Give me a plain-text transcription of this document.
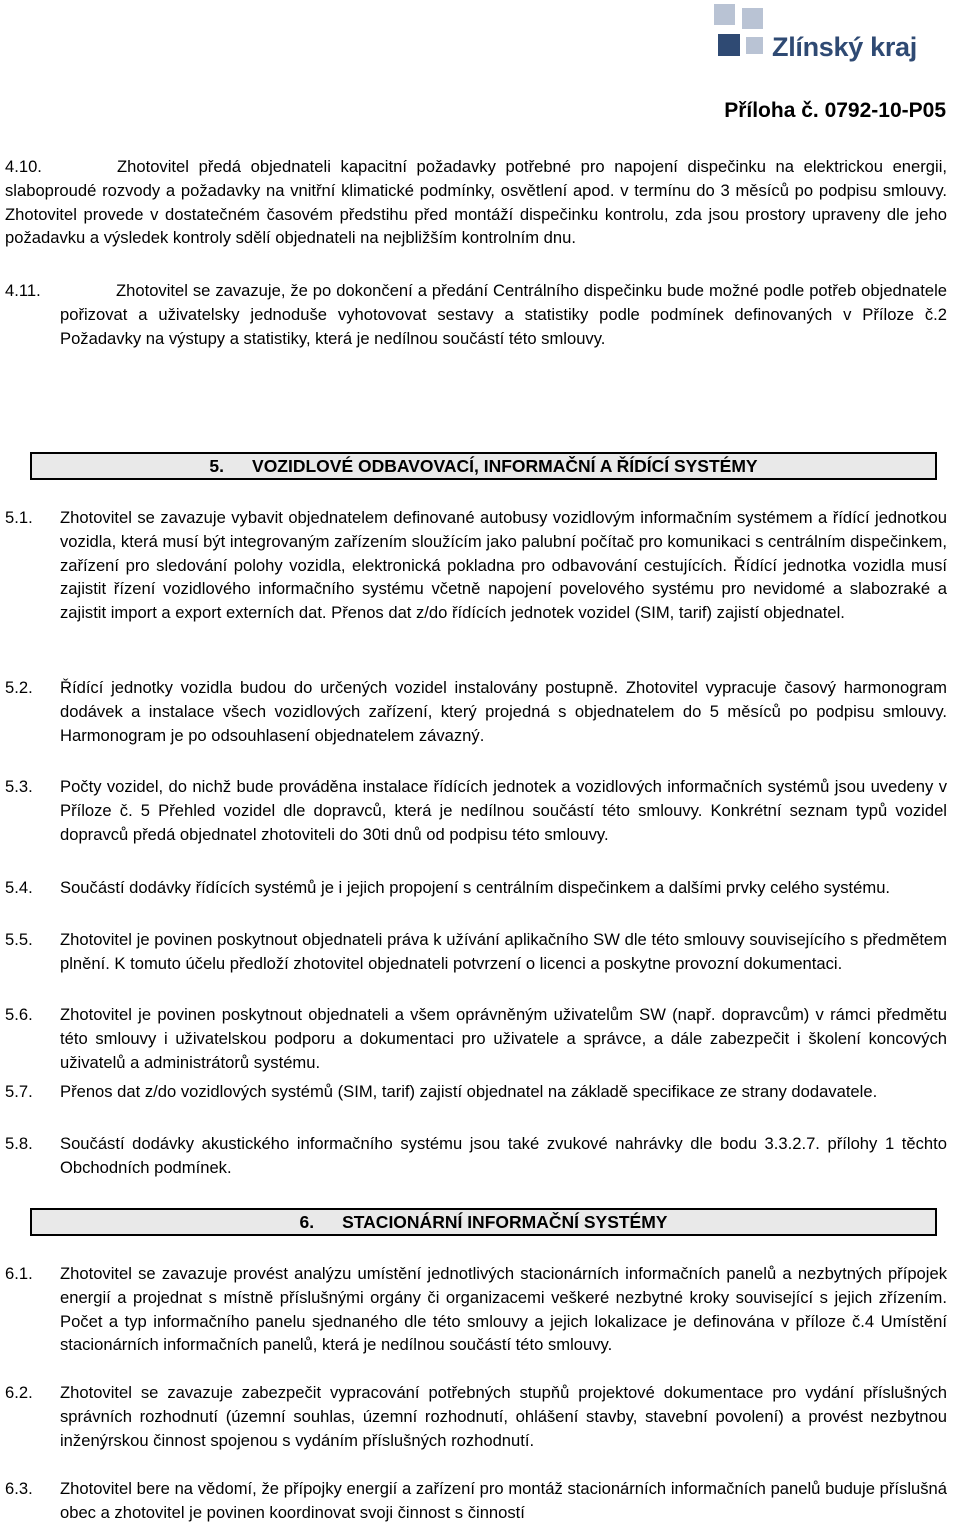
Zlínský kraj
Příloha č. 0792-10-P05
4.10.	Zhotovitel předá objednateli kapacitní požadavky potřebné pro napojení dispečinku na elektrickou energii, slaboproudé rozvody a požadavky na vnitřní klimatické podmínky, osvětlení apod. v termínu do 3 měsíců po podpisu smlouvy. Zhotovitel provede v dostatečném časovém předstihu před montáží dispečinku kontrolu, zda jsou prostory upraveny dle jeho požadavku a výsledek kontroly sdělí objednateli na nejbližším kontrolním dnu.
4.11.	Zhotovitel se zavazuje, že po dokončení a předání Centrálního dispečinku bude možné podle potřeb objednatele pořizovat a uživatelsky jednoduše vyhotovovat sestavy a statistiky podle podmínek definovaných v Příloze č.2 Požadavky na výstupy a statistiky, která je nedílnou součástí této smlouvy.
5. VOZIDLOVÉ ODBAVOVACÍ, INFORMAČNÍ A ŘÍDÍCÍ SYSTÉMY
5.1. Zhotovitel se zavazuje vybavit objednatelem definované autobusy vozidlovým informačním systémem a řídící jednotkou vozidla, která musí být integrovaným zařízením sloužícím jako palubní počítač pro komunikaci s centrálním dispečinkem, zařízení pro sledování polohy vozidla, elektronická pokladna pro odbavování cestujících. Řídící jednotka vozidla musí zajistit řízení vozidlového informačního systému včetně napojení povelového systému pro nevidomé a slabozraké a zajistit import a export externích dat. Přenos dat z/do řídících jednotek vozidel (SIM, tarif) zajistí objednatel.
5.2. Řídící jednotky vozidla budou do určených vozidel instalovány postupně. Zhotovitel vypracuje časový harmonogram dodávek a instalace všech vozidlových zařízení, který projedná s objednatelem do 5 měsíců po podpisu smlouvy. Harmonogram je po odsouhlasení objednatelem závazný.
5.3. Počty vozidel, do nichž bude prováděna instalace řídících jednotek a vozidlových informačních systémů jsou uvedeny v Příloze č. 5 Přehled vozidel dle dopravců, která je nedílnou součástí této smlouvy. Konkrétní seznam typů vozidel dopravců předá objednatel zhotoviteli do 30ti dnů od podpisu této smlouvy.
5.4. Součástí dodávky řídících systémů je i jejich propojení s centrálním dispečinkem a dalšími prvky celého systému.
5.5. Zhotovitel je povinen poskytnout objednateli práva k užívání aplikačního SW dle této smlouvy souvisejícího s předmětem plnění. K tomuto účelu předloží zhotovitel objednateli potvrzení o licenci a poskytne provozní dokumentaci.
5.6. Zhotovitel je povinen poskytnout objednateli a všem oprávněným uživatelům SW (např. dopravcům) v rámci předmětu této smlouvy i uživatelskou podporu a dokumentaci pro uživatele a správce, a dále zabezpečit i školení koncových uživatelů a administrátorů systému.
5.7. Přenos dat z/do vozidlových systémů (SIM, tarif) zajistí objednatel na základě specifikace ze strany dodavatele.
5.8. Součástí dodávky akustického informačního systému jsou také zvukové nahrávky dle bodu 3.3.2.7. přílohy 1 těchto Obchodních podmínek.
6. STACIONÁRNÍ INFORMAČNÍ SYSTÉMY
6.1. Zhotovitel se zavazuje provést analýzu umístění jednotlivých stacionárních informačních panelů a nezbytných přípojek energií a projednat s místně příslušnými orgány či organizacemi veškeré nezbytné kroky související s jejich zřízením. Počet a typ informačního panelu sjednaného dle této smlouvy a jejich lokalizace je definována v příloze č.4 Umístění stacionárních informačních panelů, která je nedílnou součástí této smlouvy.
6.2. Zhotovitel se zavazuje zabezpečit vypracování potřebných stupňů projektové dokumentace pro vydání příslušných správních rozhodnutí (územní souhlas, územní rozhodnutí, ohlášení stavby, stavební povolení) a provést nezbytnou inženýrskou činnost spojenou s vydáním příslušných rozhodnutí.
6.3. Zhotovitel bere na vědomí, že přípojky energií a zařízení pro montáž stacionárních informačních panelů buduje příslušná obec a zhotovitel je povinen koordinovat svoji činnost s činností
